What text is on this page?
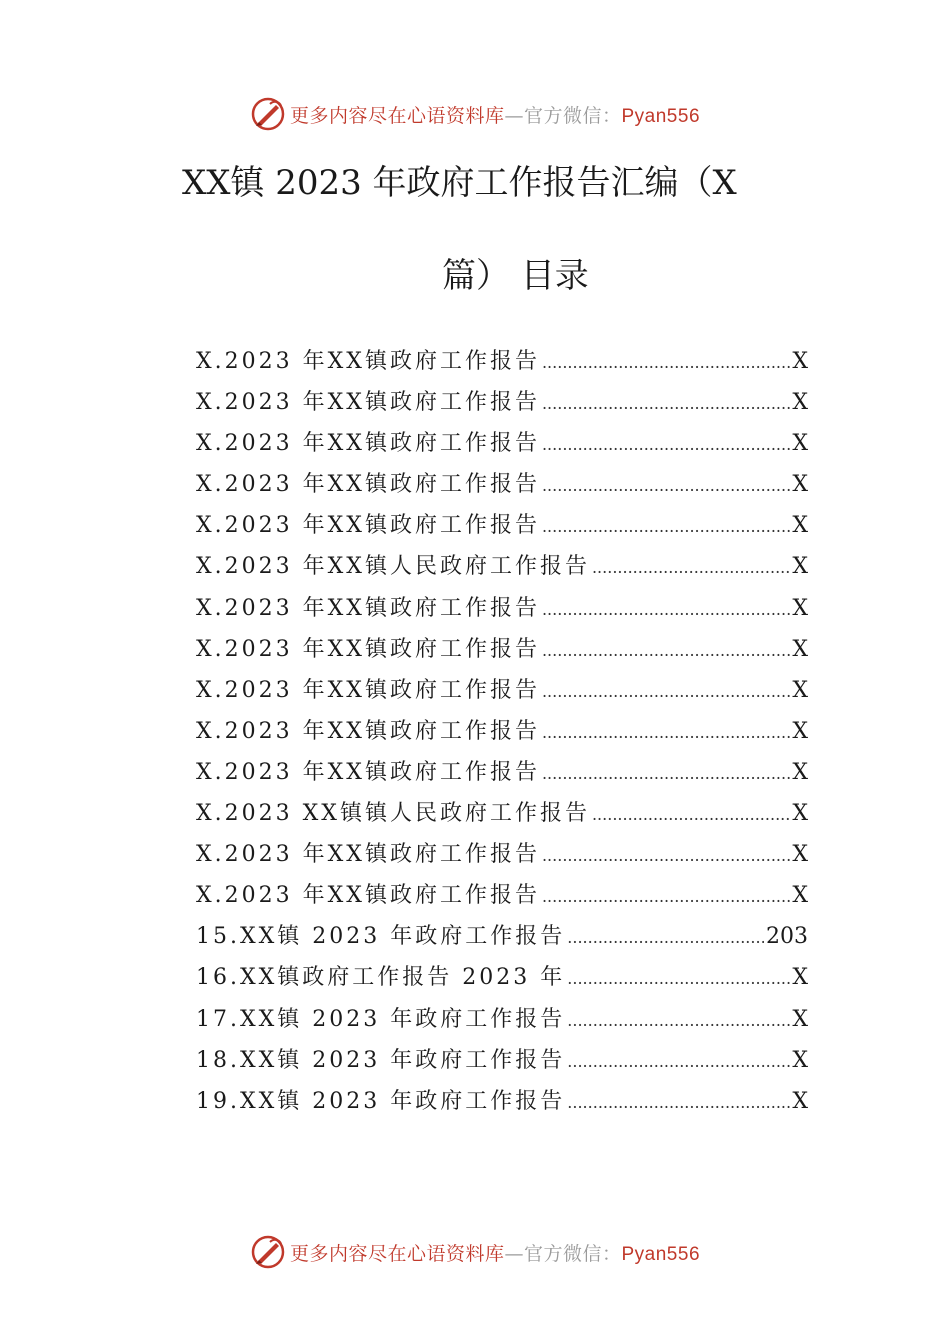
更多内容尽在心语资料库—官方微信：Pyan556
XX镇 2023 年政府工作报告汇编（X
篇） 目录
X.2023 年XX镇政府工作报告 .....	X
X.2023 年XX镇政府工作报告 .....	X
X.2023 年XX镇政府工作报告 .....	X
X.2023 年XX镇政府工作报告 .....	X
X.2023 年XX镇政府工作报告 .....	X
X.2023 年XX镇人民政府工作报告 .....	X
X.2023 年XX镇政府工作报告 .....	X
X.2023 年XX镇政府工作报告 .....	X
X.2023 年XX镇政府工作报告 .....	X
X.2023 年XX镇政府工作报告 .....	X
X.2023 年XX镇政府工作报告 .....	X
X.2023 XX镇镇人民政府工作报告 .....	X
X.2023 年XX镇政府工作报告 .....	X
X.2023 年XX镇政府工作报告 .....	X
15.XX镇 2023 年政府工作报告 .....	203
16.XX镇政府工作报告 2023 年 .....	X
17.XX镇 2023 年政府工作报告 .....	X
18.XX镇 2023 年政府工作报告 .....	X
19.XX镇 2023 年政府工作报告 .....	X
更多内容尽在心语资料库—官方微信：Pyan556
